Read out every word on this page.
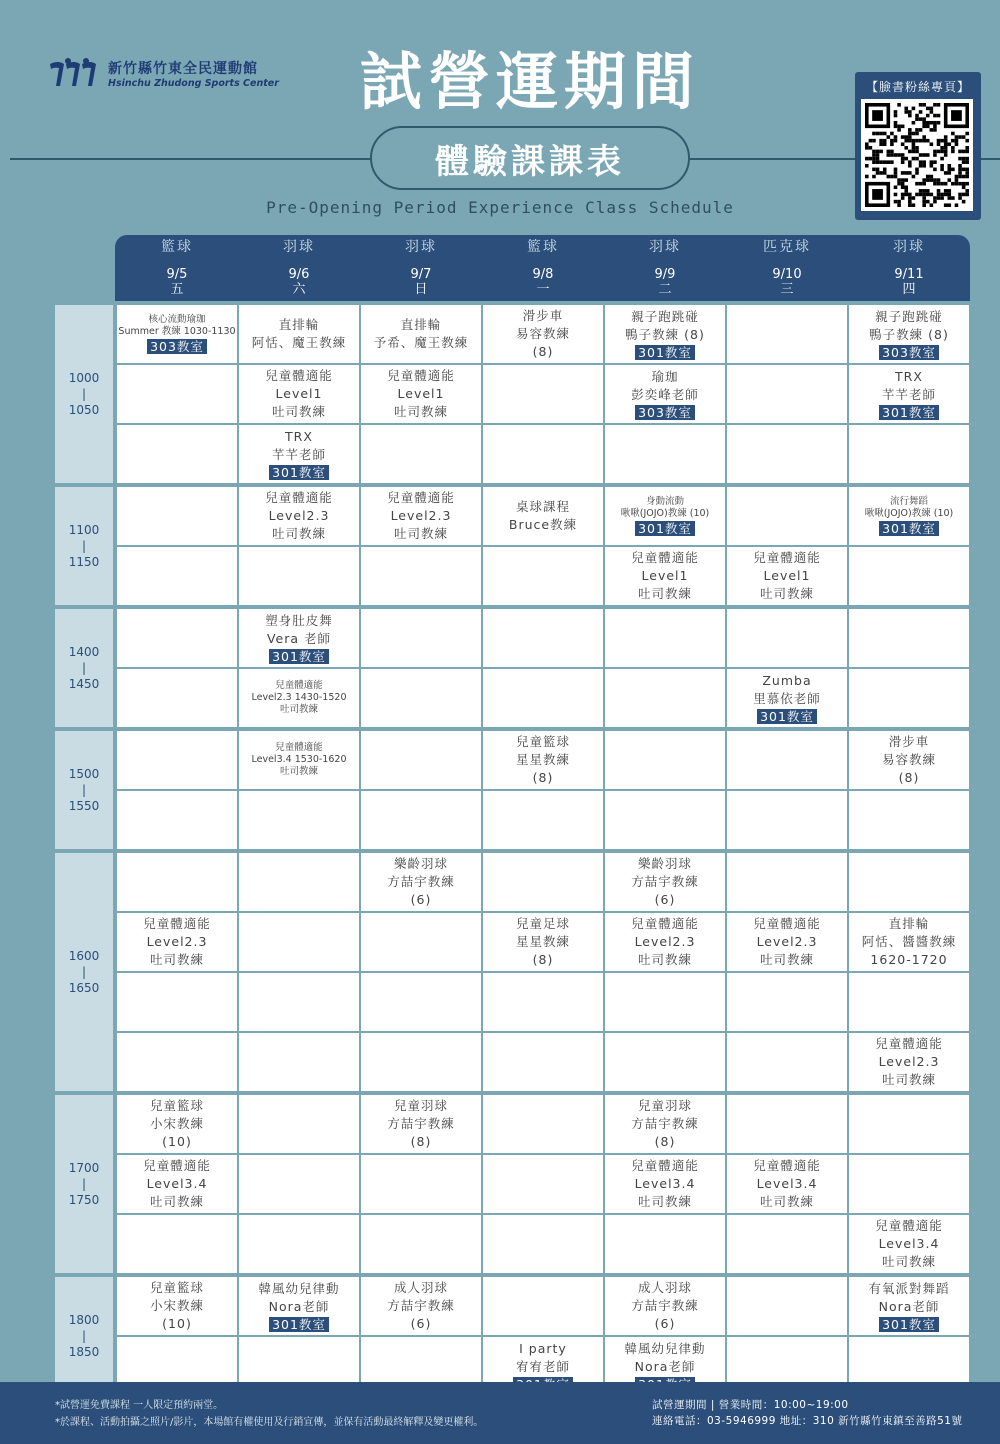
新竹縣竹東全民運動館
Hsinchu Zhudong Sports Center 試營運期間
體驗課課表
Pre-Opening Period Experience Class Schedule
【臉書粉絲專頁】
籃球
9/5
五
羽球
9/6
六
羽球
9/7
日
籃球
9/8
一
羽球
9/9
二
匹克球
9/10
三
羽球
9/11
四
1000
|
1050
1100
|
1150
1400
|
1450
1500
|
1550
1600
|
1650
1700
|
1750
1800
|
1850
核心流動瑜珈
Summer 教練 1030-1130
303教室
直排輪
阿恬、魔王教練
直排輪
予希、魔王教練
滑步車
易容教練
(8)
親子跑跳碰
鴨子教練 (8)
301教室
親子跑跳碰
鴨子教練 (8)
303教室
兒童體適能
Level1
吐司教練
兒童體適能
Level1
吐司教練
瑜珈
彭奕峰老師
303教室
TRX
芊芊老師
301教室
TRX
芊芊老師
301教室
兒童體適能
Level2.3
吐司教練
兒童體適能
Level2.3
吐司教練
桌球課程
Bruce教練
身動流動
啾啾(JOJO)教練 (10)
301教室
流行舞蹈
啾啾(JOJO)教練 (10)
301教室
兒童體適能
Level1
吐司教練
兒童體適能
Level1
吐司教練
塑身肚皮舞
Vera 老師
301教室
兒童體適能
Level2.3 1430-1520
吐司教練
Zumba
里慕依老師
301教室
兒童體適能
Level3.4 1530-1620
吐司教練
兒童籃球
星星教練
(8)
滑步車
易容教練
(8)
樂齡羽球
方喆宇教練
(6)
樂齡羽球
方喆宇教練
(6)
兒童體適能
Level2.3
吐司教練
兒童足球
星星教練
(8)
兒童體適能
Level2.3
吐司教練
兒童體適能
Level2.3
吐司教練
直排輪
阿恬、醬醬教練
1620-1720
兒童體適能
Level2.3
吐司教練
兒童籃球
小宋教練
(10)
兒童羽球
方喆宇教練
(8)
兒童羽球
方喆宇教練
(8)
兒童體適能
Level3.4
吐司教練
兒童體適能
Level3.4
吐司教練
兒童體適能
Level3.4
吐司教練
兒童體適能
Level3.4
吐司教練
兒童籃球
小宋教練
(10)
韓風幼兒律動
Nora老師
301教室
成人羽球
方喆宇教練
(6)
成人羽球
方喆宇教練
(6)
有氧派對舞蹈
Nora老師
301教室
I party
宥宥老師
韓風幼兒律動
Nora老師
*試營運免費課程 一人限定預約兩堂。
*於課程、活動拍攝之照片/影片，本場館有權使用及行銷宣傳，並保有活動最終解釋及變更權利。
試營運期間 | 營業時間：10:00~19:00
連絡電話：03-5946999 地址：310 新竹縣竹東鎮至善路51號
